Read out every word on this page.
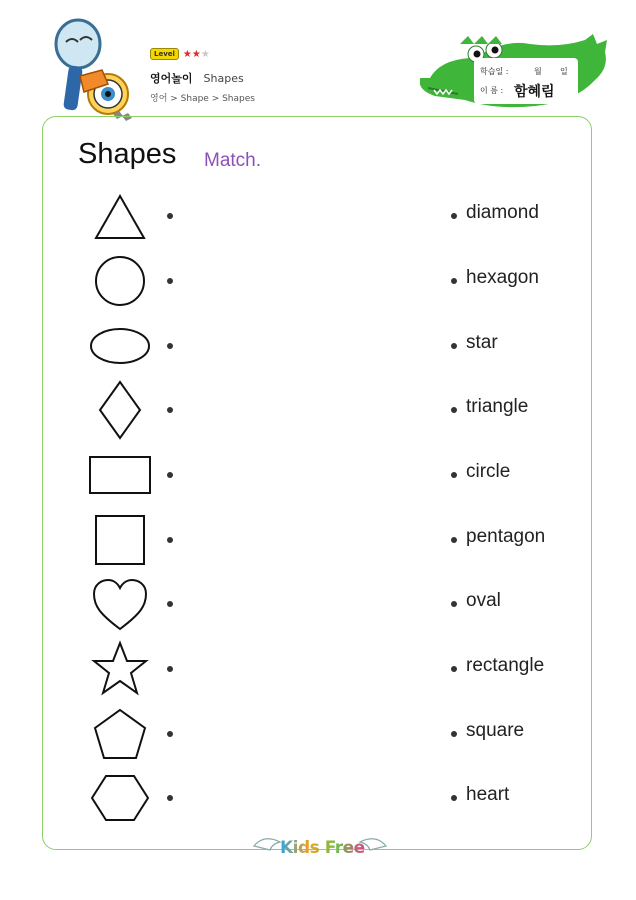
Level ★★★
영어놀이 Shapes
영어 > Shape > Shapes
학습일 :	월 일
이 름 : 함혜림
Shapes Match.
diamond
hexagon
star
triangle
circle
pentagon
oval
rectangle
square
heart
Kids Free
